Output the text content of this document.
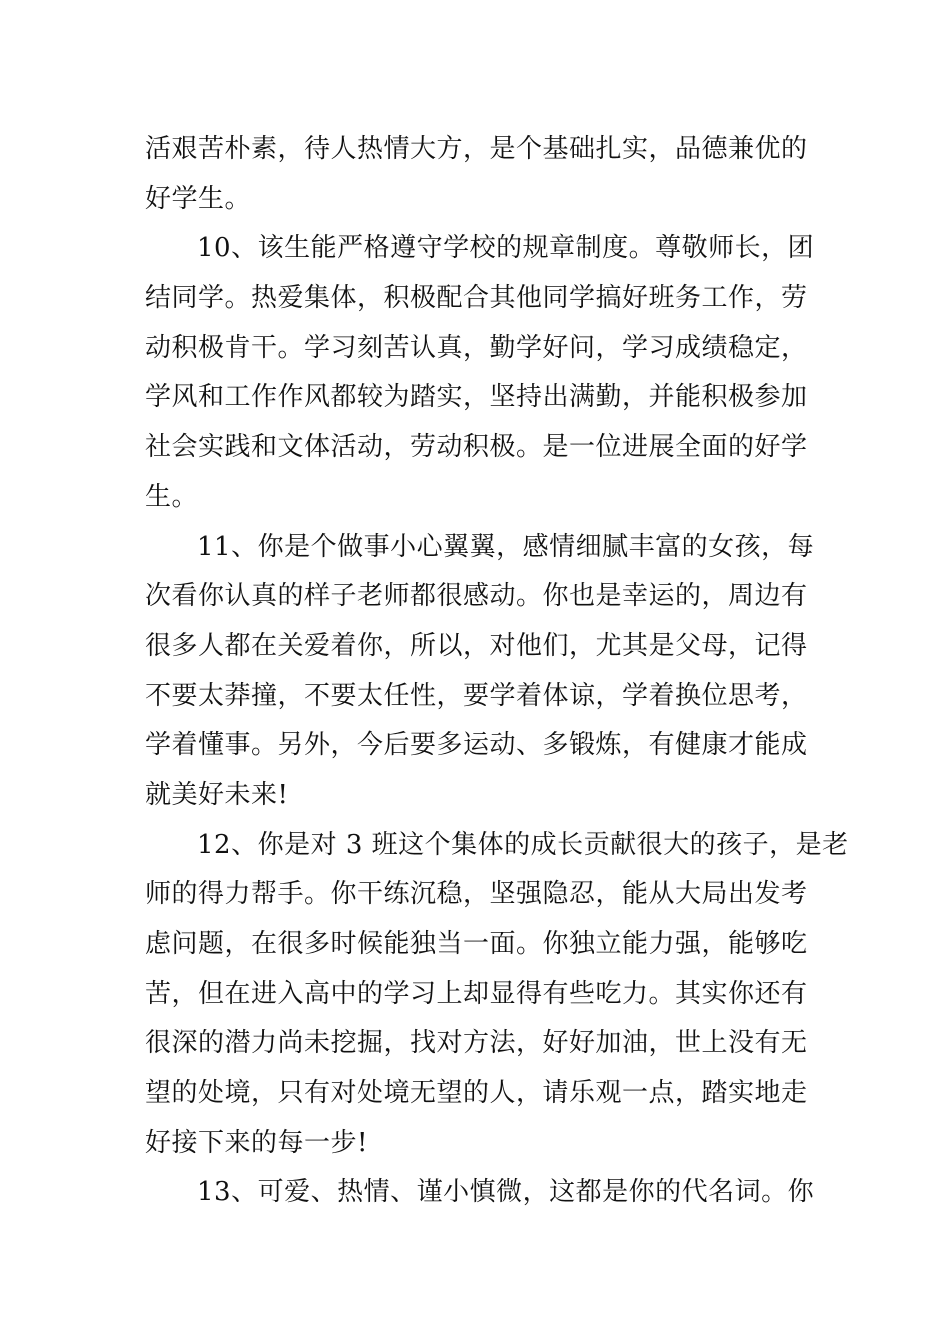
活艰苦朴素，待人热情大方，是个基础扎实，品德兼优的
好学生。
10、该生能严格遵守学校的规章制度。尊敬师长，团
结同学。热爱集体，积极配合其他同学搞好班务工作，劳
动积极肯干。学习刻苦认真，勤学好问，学习成绩稳定，
学风和工作作风都较为踏实，坚持出满勤，并能积极参加
社会实践和文体活动，劳动积极。是一位进展全面的好学
生。
11、你是个做事小心翼翼，感情细腻丰富的女孩，每
次看你认真的样子老师都很感动。你也是幸运的，周边有
很多人都在关爱着你，所以，对他们，尤其是父母，记得
不要太莽撞，不要太任性，要学着体谅，学着换位思考，
学着懂事。另外，今后要多运动、多锻炼，有健康才能成
就美好未来!
12、你是对 3 班这个集体的成长贡献很大的孩子，是老
师的得力帮手。你干练沉稳，坚强隐忍，能从大局出发考
虑问题，在很多时候能独当一面。你独立能力强，能够吃
苦，但在进入高中的学习上却显得有些吃力。其实你还有
很深的潜力尚未挖掘，找对方法，好好加油，世上没有无
望的处境，只有对处境无望的人，请乐观一点，踏实地走
好接下来的每一步!
13、可爱、热情、谨小慎微，这都是你的代名词。你
